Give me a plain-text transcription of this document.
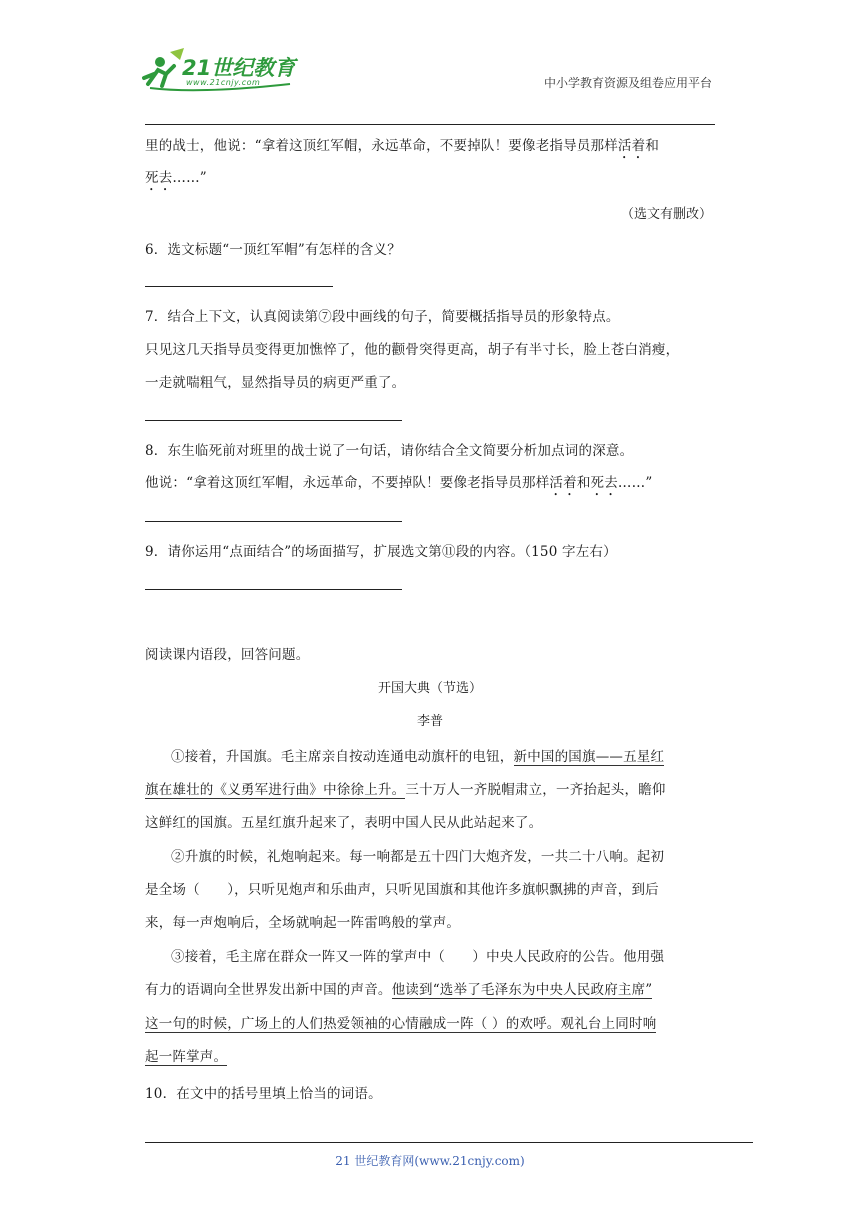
21世纪教育
www.21cnjy.com	中小学教育资源及组卷应用平台
里的战士，他说：“拿着这顶红军帽，永远革命，不要掉队！要像老指导员那样活着和
死去……”
（选文有删改）
6．选文标题“一顶红军帽”有怎样的含义？
7．结合上下文，认真阅读第⑦段中画线的句子，简要概括指导员的形象特点。
只见这几天指导员变得更加憔悴了，他的颧骨突得更高，胡子有半寸长，脸上苍白消瘦，
一走就喘粗气，显然指导员的病更严重了。
8．东生临死前对班里的战士说了一句话，请你结合全文简要分析加点词的深意。
他说：“拿着这顶红军帽，永远革命，不要掉队！要像老指导员那样活着和死去……”
9．请你运用“点面结合”的场面描写，扩展选文第⑪段的内容。（150 字左右）
阅读课内语段，回答问题。
开国大典（节选）
李普
①接着，升国旗。毛主席亲自按动连通电动旗杆的电钮，新中国的国旗——五星红
旗在雄壮的《义勇军进行曲》中徐徐上升。三十万人一齐脱帽肃立，一齐抬起头，瞻仰
这鲜红的国旗。五星红旗升起来了，表明中国人民从此站起来了。
②升旗的时候，礼炮响起来。每一响都是五十四门大炮齐发，一共二十八响。起初
是全场（　　），只听见炮声和乐曲声，只听见国旗和其他许多旗帜飘拂的声音，到后
来，每一声炮响后，全场就响起一阵雷鸣般的掌声。
③接着，毛主席在群众一阵又一阵的掌声中（　　）中央人民政府的公告。他用强
有力的语调向全世界发出新中国的声音。他读到“选举了毛泽东为中央人民政府主席”
这一句的时候，广场上的人们热爱领袖的心情融成一阵（ ）的欢呼。观礼台上同时响
起一阵掌声。
10．在文中的括号里填上恰当的词语。
21 世纪教育网(www.21cnjy.com)
